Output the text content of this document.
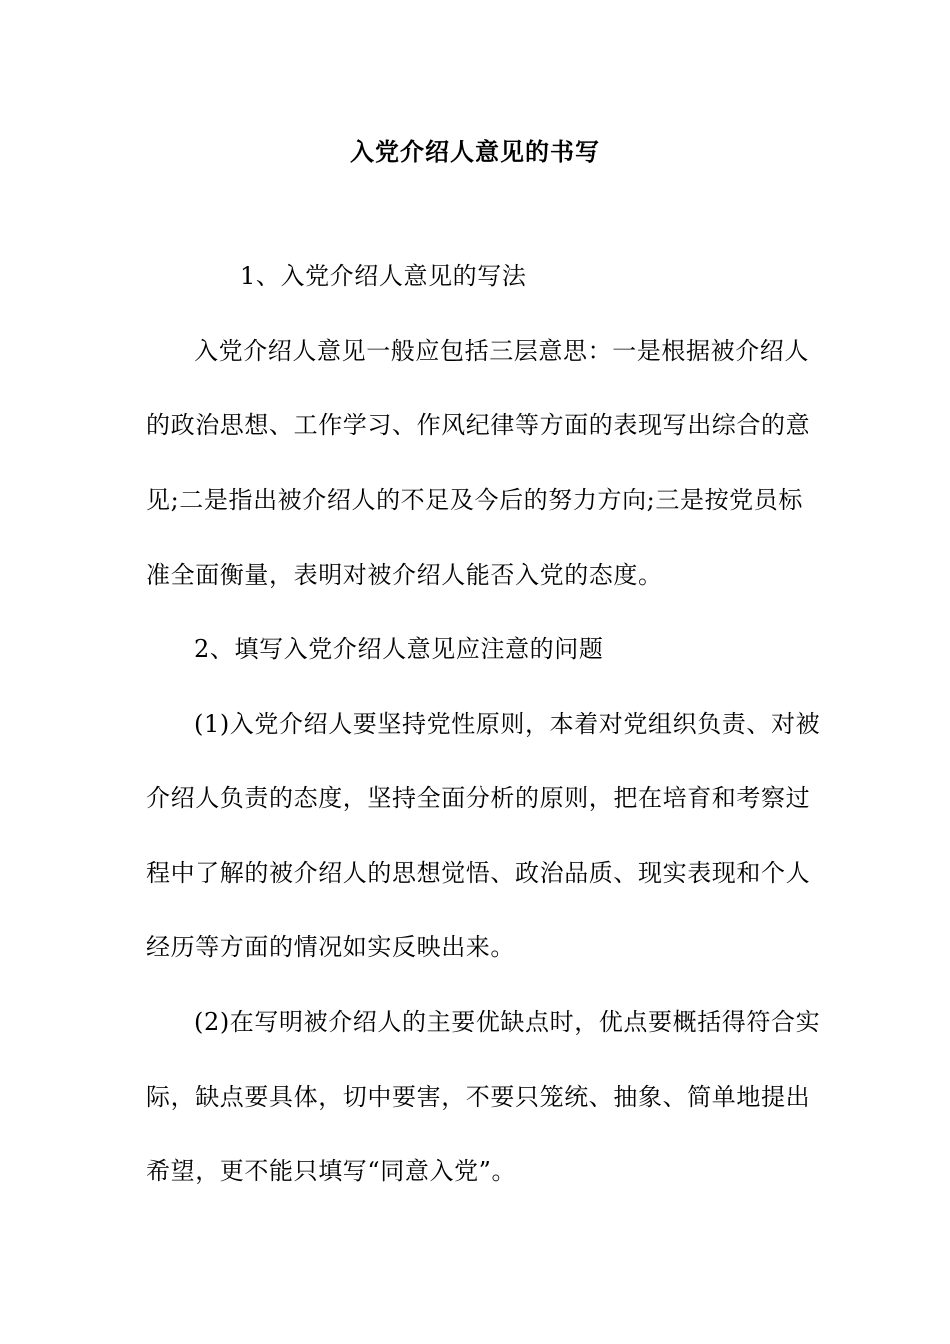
入党介绍人意见的书写
1、入党介绍人意见的写法
入党介绍人意见一般应包括三层意思：一是根据被介绍人
的政治思想、工作学习、作风纪律等方面的表现写出综合的意
见;二是指出被介绍人的不足及今后的努力方向;三是按党员标
准全面衡量，表明对被介绍人能否入党的态度。
2、填写入党介绍人意见应注意的问题
(1)入党介绍人要坚持党性原则，本着对党组织负责、对被
介绍人负责的态度，坚持全面分析的原则，把在培育和考察过
程中了解的被介绍人的思想觉悟、政治品质、现实表现和个人
经历等方面的情况如实反映出来。
(2)在写明被介绍人的主要优缺点时，优点要概括得符合实
际，缺点要具体，切中要害，不要只笼统、抽象、简单地提出
希望，更不能只填写“同意入党”。
